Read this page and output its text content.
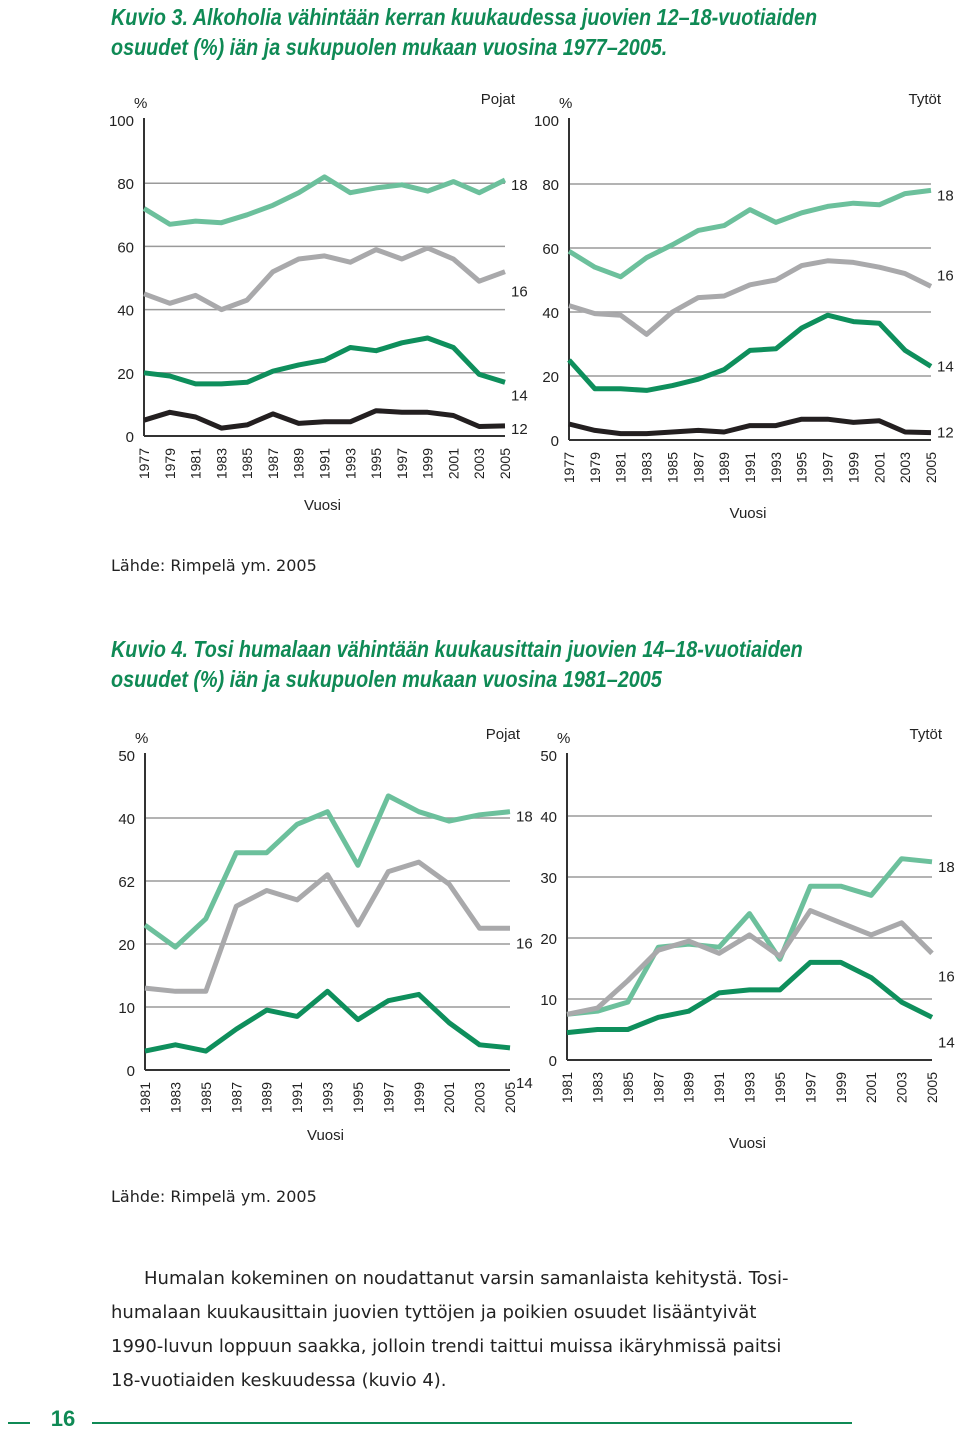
Kuvio 3. Alkoholia vähintään kerran kuukaudessa juovien 12–18-vuotiaiden
osuudet (%) iän ja sukupuolen mukaan vuosina 1977–2005.
0
20
40
60
80
100
%	Pojat
1977 1979 1981 1983 1985 1987 1989 1991 1993 1995 1997 1999 2001 2003 2005
Vuosi
18
16
14
12
0
20
40
60
80
100
%	Tytöt
1977 1979 1981 1983 1985 1987 1989 1991 1993 1995 1997 1999 2001 2003 2005
Vuosi
18
16
14
12
Lähde: Rimpelä ym. 2005
Kuvio 4. Tosi humalaan vähintään kuukausittain juovien 14–18-vuotiaiden
osuudet (%) iän ja sukupuolen mukaan vuosina 1981–2005
0
10
20
62
40
50
%	Pojat
1981 1983 1985 1987 1989 1991 1993 1995 1997 1999 2001 2003 2005
Vuosi
18
16
14
0
10
20
30
40
50
%	Tytöt
1981 1983 1985 1987 1989 1991 1993 1995 1997 1999 2001 2003 2005
Vuosi
18
16
14
Lähde: Rimpelä ym. 2005

Humalan kokeminen on noudattanut varsin samanlaista kehitystä. Tosi-
humalaan kuukausittain juovien tyttöjen ja poikien osuudet lisääntyivät
1990-luvun loppuun saakka, jolloin trendi taittui muissa ikäryhmissä paitsi
18-vuotiaiden keskuudessa (kuvio 4).

16
